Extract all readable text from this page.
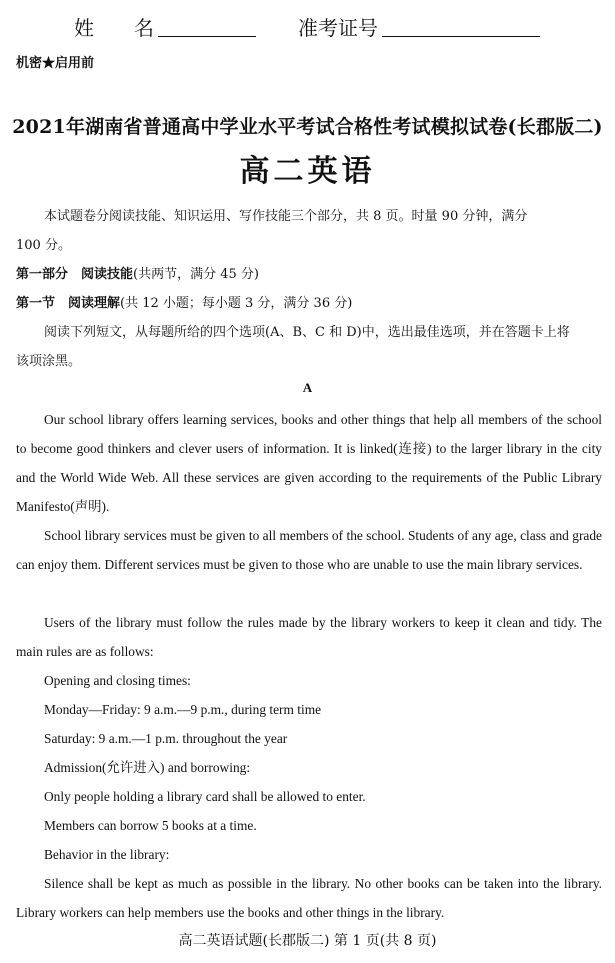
姓　　名	准考证号
机密★启用前
2021年湖南省普通高中学业水平考试合格性考试模拟试卷(长郡版二)
高二英语
本试题卷分阅读技能、知识运用、写作技能三个部分，共 8 页。时量 90 分钟，满分
100 分。
第一部分　阅读技能(共两节，满分 45 分)
第一节　阅读理解(共 12 小题；每小题 3 分，满分 36 分)
阅读下列短文，从每题所给的四个选项(A、B、C 和 D)中，选出最佳选项，并在答题卡上将
该项涂黑。
A
Our school library offers learning services, books and other things that help all members of the school to become good thinkers and clever users of information. It is linked(连接) to the larger library in the city and the World Wide Web. All these services are given according to the requirements of the Public Library Manifesto(声明).
School library services must be given to all members of the school. Students of any age, class and grade can enjoy them. Different services must be given to those who are unable to use the main library services.
Users of the library must follow the rules made by the library workers to keep it clean and tidy. The main rules are as follows:
Opening and closing times:
Monday—Friday: 9 a.m.—9 p.m., during term time
Saturday: 9 a.m.—1 p.m. throughout the year
Admission(允许进入) and borrowing:
Only people holding a library card shall be allowed to enter.
Members can borrow 5 books at a time.
Behavior in the library:
Silence shall be kept as much as possible in the library. No other books can be taken into the library. Library workers can help members use the books and other things in the library.
高二英语试题(长郡版二) 第 1 页(共 8 页)
